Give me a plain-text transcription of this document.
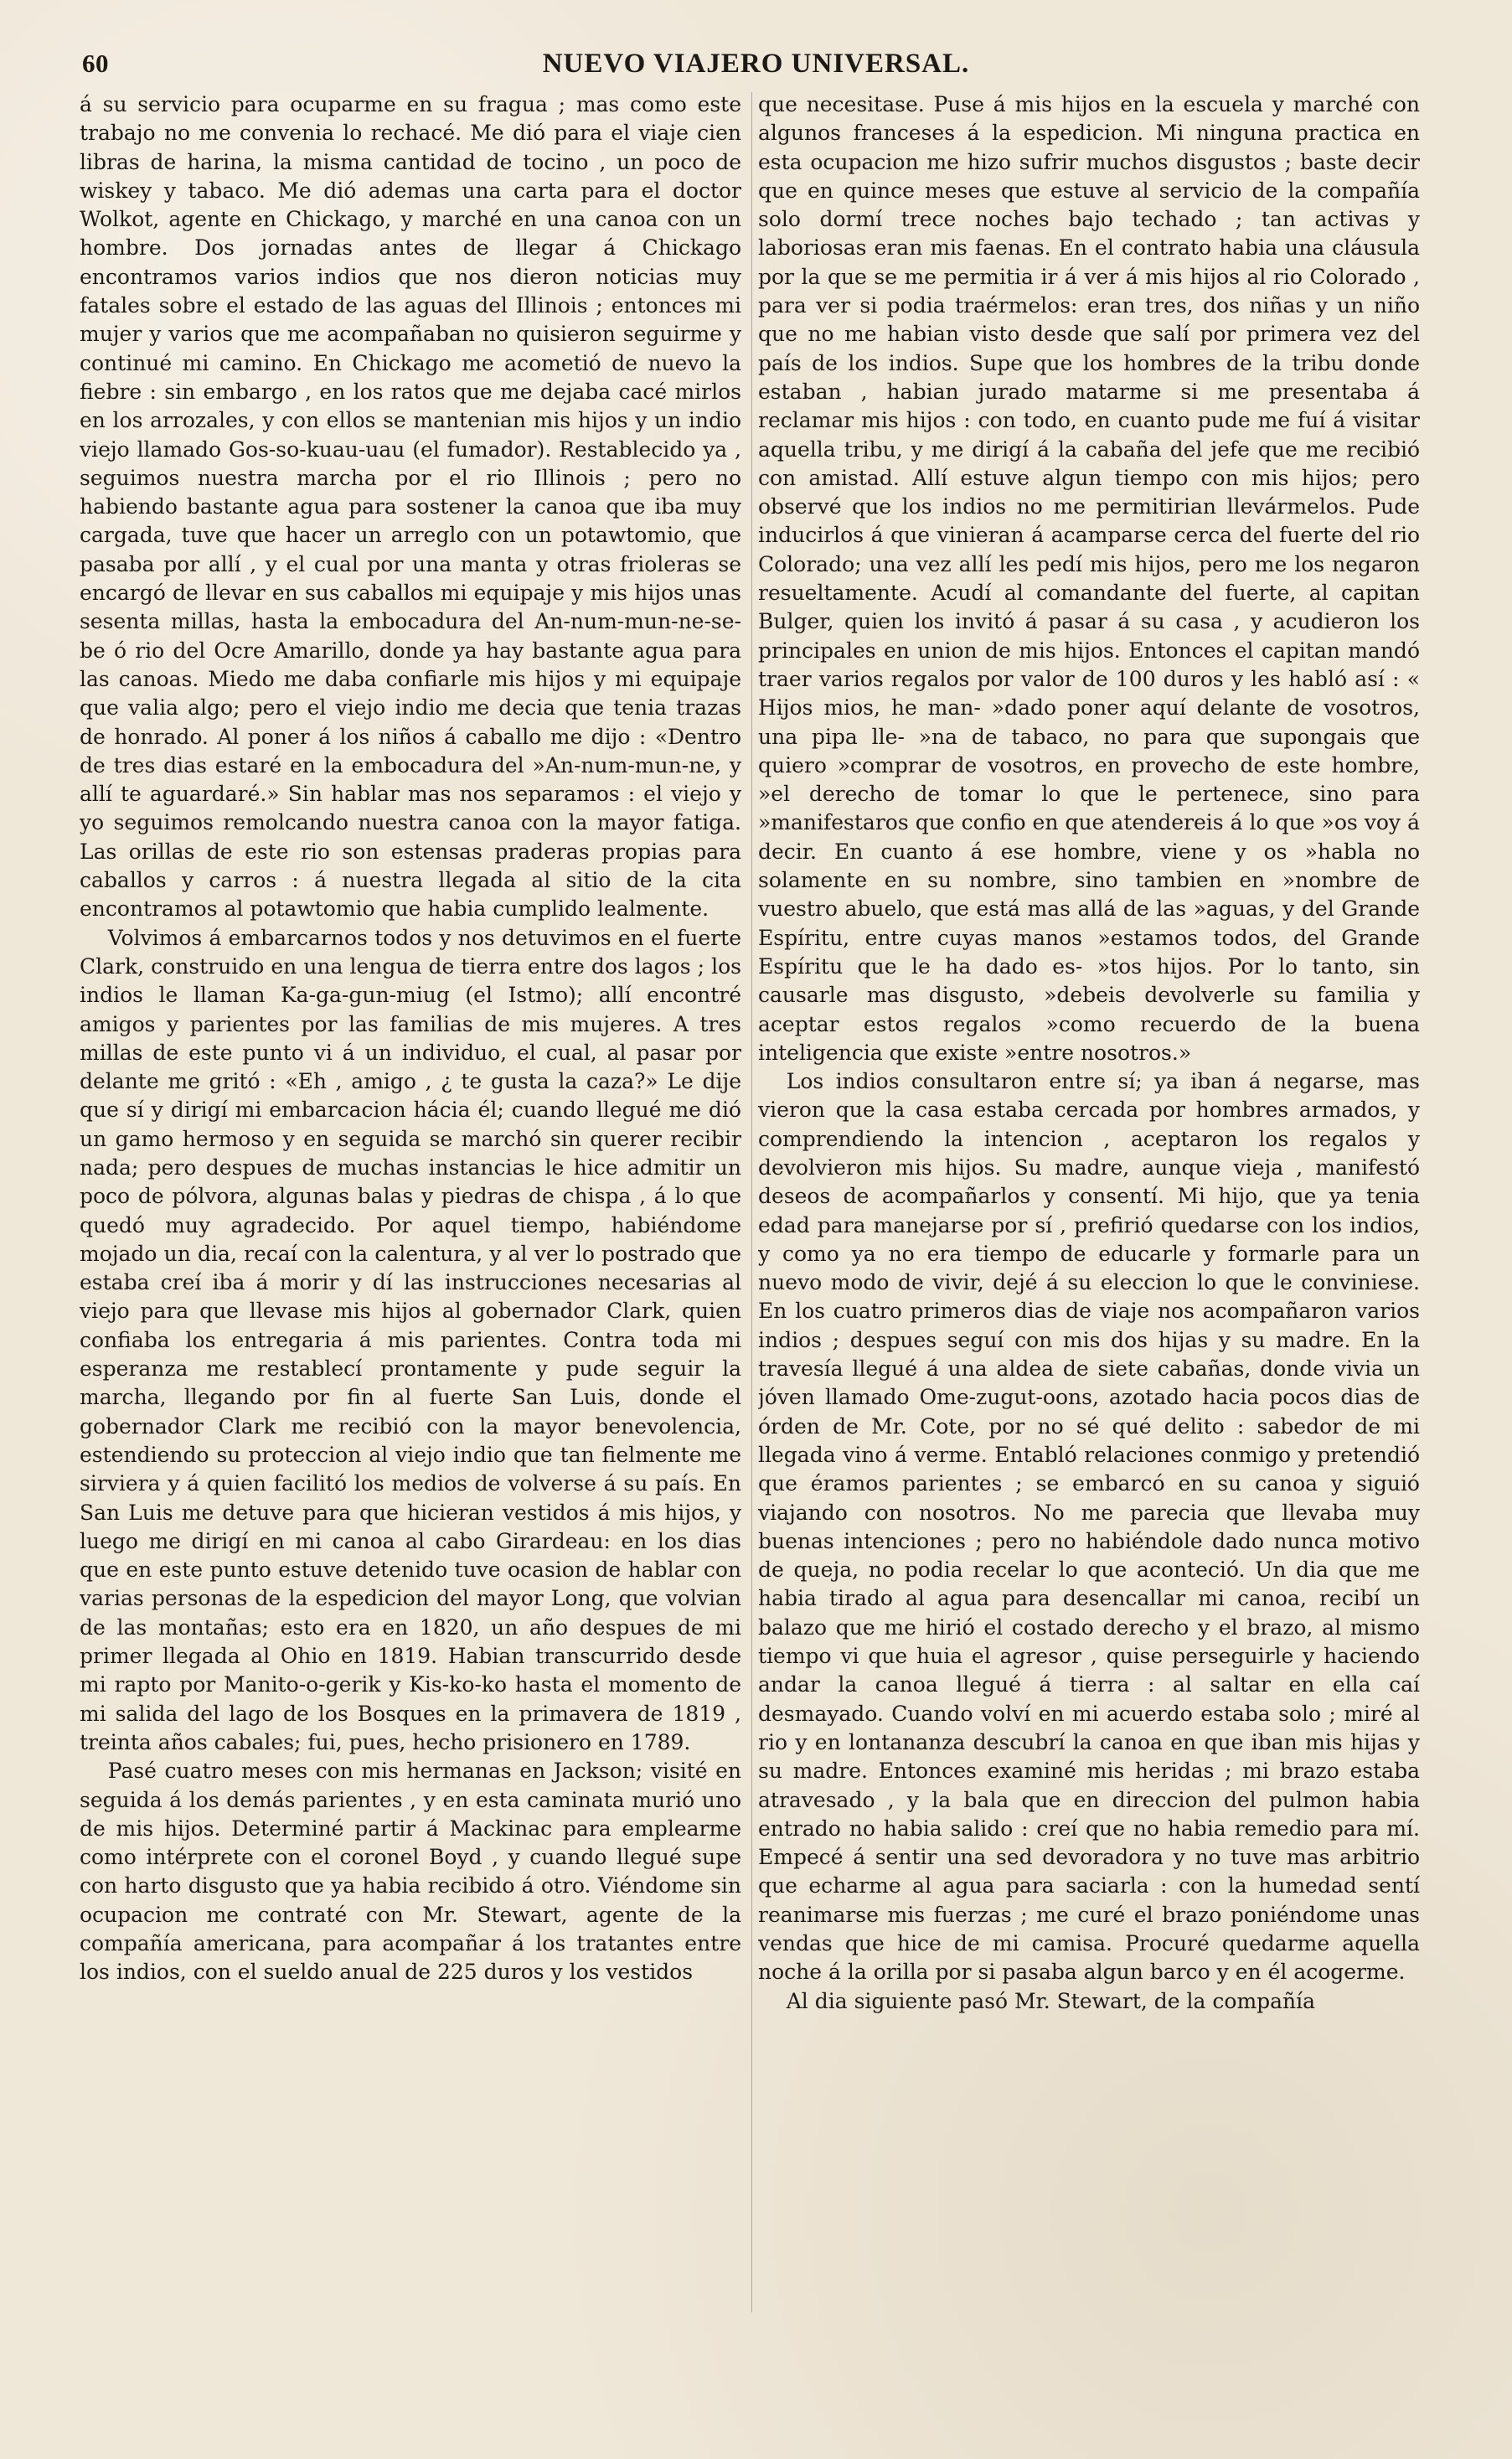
60	NUEVO VIAJERO UNIVERSAL.

á su servicio para ocuparme en su fragua ; mas como este trabajo no me convenia lo rechacé. Me dió para el viaje cien libras de harina, la misma cantidad de tocino , un poco de wiskey y tabaco. Me dió ademas una carta para el doctor Wolkot, agente en Chickago, y marché en una canoa con un hombre. Dos jornadas antes de llegar á Chickago encontramos varios indios que nos dieron noticias muy fatales sobre el estado de las aguas del Illinois ; entonces mi mujer y varios que me acompañaban no quisieron seguirme y continué mi camino. En Chickago me acometió de nuevo la fiebre : sin embargo , en los ratos que me dejaba cacé mirlos en los arrozales, y con ellos se mantenian mis hijos y un indio viejo llamado Gos-so-kuau-uau (el fumador). Restablecido ya , seguimos nuestra marcha por el rio Illinois ; pero no habiendo bastante agua para sostener la canoa que iba muy cargada, tuve que hacer un arreglo con un potawtomio, que pasaba por allí , y el cual por una manta y otras frioleras se encargó de llevar en sus caballos mi equipaje y mis hijos unas sesenta millas, hasta la embocadura del An-num-mun-ne-se-be ó rio del Ocre Amarillo, donde ya hay bastante agua para las canoas. Miedo me daba confiarle mis hijos y mi equipaje que valia algo; pero el viejo indio me decia que tenia trazas de honrado. Al poner á los niños á caballo me dijo : «Dentro de tres dias estaré en la embocadura del »An-num-mun-ne, y allí te aguardaré.» Sin hablar mas nos separamos : el viejo y yo seguimos remolcando nuestra canoa con la mayor fatiga. Las orillas de este rio son estensas praderas propias para caballos y carros : á nuestra llegada al sitio de la cita encontramos al potawtomio que habia cumplido lealmente.

Volvimos á embarcarnos todos y nos detuvimos en el fuerte Clark, construido en una lengua de tierra entre dos lagos ; los indios le llaman Ka-ga-gun-miug (el Istmo); allí encontré amigos y parientes por las familias de mis mujeres. A tres millas de este punto vi á un individuo, el cual, al pasar por delante me gritó : «Eh , amigo , ¿ te gusta la caza?» Le dije que sí y dirigí mi embarcacion hácia él; cuando llegué me dió un gamo hermoso y en seguida se marchó sin querer recibir nada; pero despues de muchas instancias le hice admitir un poco de pólvora, algunas balas y piedras de chispa , á lo que quedó muy agradecido. Por aquel tiempo, habiéndome mojado un dia, recaí con la calentura, y al ver lo postrado que estaba creí iba á morir y dí las instrucciones necesarias al viejo para que llevase mis hijos al gobernador Clark, quien confiaba los entregaria á mis parientes. Contra toda mi esperanza me restablecí prontamente y pude seguir la marcha, llegando por fin al fuerte San Luis, donde el gobernador Clark me recibió con la mayor benevolencia, estendiendo su proteccion al viejo indio que tan fielmente me sirviera y á quien facilitó los medios de volverse á su país. En San Luis me detuve para que hicieran vestidos á mis hijos, y luego me dirigí en mi canoa al cabo Girardeau: en los dias que en este punto estuve detenido tuve ocasion de hablar con varias personas de la espedicion del mayor Long, que volvian de las montañas; esto era en 1820, un año despues de mi primer llegada al Ohio en 1819. Habian transcurrido desde mi rapto por Manito-o-gerik y Kis-ko-ko hasta el momento de mi salida del lago de los Bosques en la primavera de 1819 , treinta años cabales; fui, pues, hecho prisionero en 1789.

Pasé cuatro meses con mis hermanas en Jackson; visité en seguida á los demás parientes , y en esta caminata murió uno de mis hijos. Determiné partir á Mackinac para emplearme como intérprete con el coronel Boyd , y cuando llegué supe con harto disgusto que ya habia recibido á otro. Viéndome sin ocupacion me contraté con Mr. Stewart, agente de la compañía americana, para acompañar á los tratantes entre los indios, con el sueldo anual de 225 duros y los vestidos

que necesitase. Puse á mis hijos en la escuela y marché con algunos franceses á la espedicion. Mi ninguna practica en esta ocupacion me hizo sufrir muchos disgustos ; baste decir que en quince meses que estuve al servicio de la compañía solo dormí trece noches bajo techado ; tan activas y laboriosas eran mis faenas. En el contrato habia una cláusula por la que se me permitia ir á ver á mis hijos al rio Colorado , para ver si podia traérmelos: eran tres, dos niñas y un niño que no me habian visto desde que salí por primera vez del país de los indios. Supe que los hombres de la tribu donde estaban , habian jurado matarme si me presentaba á reclamar mis hijos : con todo, en cuanto pude me fuí á visitar aquella tribu, y me dirigí á la cabaña del jefe que me recibió con amistad. Allí estuve algun tiempo con mis hijos; pero observé que los indios no me permitirian llevármelos. Pude inducirlos á que vinieran á acamparse cerca del fuerte del rio Colorado; una vez allí les pedí mis hijos, pero me los negaron resueltamente. Acudí al comandante del fuerte, al capitan Bulger, quien los invitó á pasar á su casa , y acudieron los principales en union de mis hijos. Entonces el capitan mandó traer varios regalos por valor de 100 duros y les habló así : « Hijos mios, he man- »dado poner aquí delante de vosotros, una pipa lle- »na de tabaco, no para que supongais que quiero »comprar de vosotros, en provecho de este hombre, »el derecho de tomar lo que le pertenece, sino para »manifestaros que confio en que atendereis á lo que »os voy á decir. En cuanto á ese hombre, viene y os »habla no solamente en su nombre, sino tambien en »nombre de vuestro abuelo, que está mas allá de las »aguas, y del Grande Espíritu, entre cuyas manos »estamos todos, del Grande Espíritu que le ha dado es- »tos hijos. Por lo tanto, sin causarle mas disgusto, »debeis devolverle su familia y aceptar estos regalos »como recuerdo de la buena inteligencia que existe »entre nosotros.»

Los indios consultaron entre sí; ya iban á negarse, mas vieron que la casa estaba cercada por hombres armados, y comprendiendo la intencion , aceptaron los regalos y devolvieron mis hijos. Su madre, aunque vieja , manifestó deseos de acompañarlos y consentí. Mi hijo, que ya tenia edad para manejarse por sí , prefirió quedarse con los indios, y como ya no era tiempo de educarle y formarle para un nuevo modo de vivir, dejé á su eleccion lo que le conviniese. En los cuatro primeros dias de viaje nos acompañaron varios indios ; despues seguí con mis dos hijas y su madre. En la travesía llegué á una aldea de siete cabañas, donde vivia un jóven llamado Ome-zugut-oons, azotado hacia pocos dias de órden de Mr. Cote, por no sé qué delito : sabedor de mi llegada vino á verme. Entabló relaciones conmigo y pretendió que éramos parientes ; se embarcó en su canoa y siguió viajando con nosotros. No me parecia que llevaba muy buenas intenciones ; pero no habiéndole dado nunca motivo de queja, no podia recelar lo que aconteció. Un dia que me habia tirado al agua para desencallar mi canoa, recibí un balazo que me hirió el costado derecho y el brazo, al mismo tiempo vi que huia el agresor , quise perseguirle y haciendo andar la canoa llegué á tierra : al saltar en ella caí desmayado. Cuando volví en mi acuerdo estaba solo ; miré al rio y en lontananza descubrí la canoa en que iban mis hijas y su madre. Entonces examiné mis heridas ; mi brazo estaba atravesado , y la bala que en direccion del pulmon habia entrado no habia salido : creí que no habia remedio para mí. Empecé á sentir una sed devoradora y no tuve mas arbitrio que echarme al agua para saciarla : con la humedad sentí reanimarse mis fuerzas ; me curé el brazo poniéndome unas vendas que hice de mi camisa. Procuré quedarme aquella noche á la orilla por si pasaba algun barco y en él acogerme.

Al dia siguiente pasó Mr. Stewart, de la compañía
